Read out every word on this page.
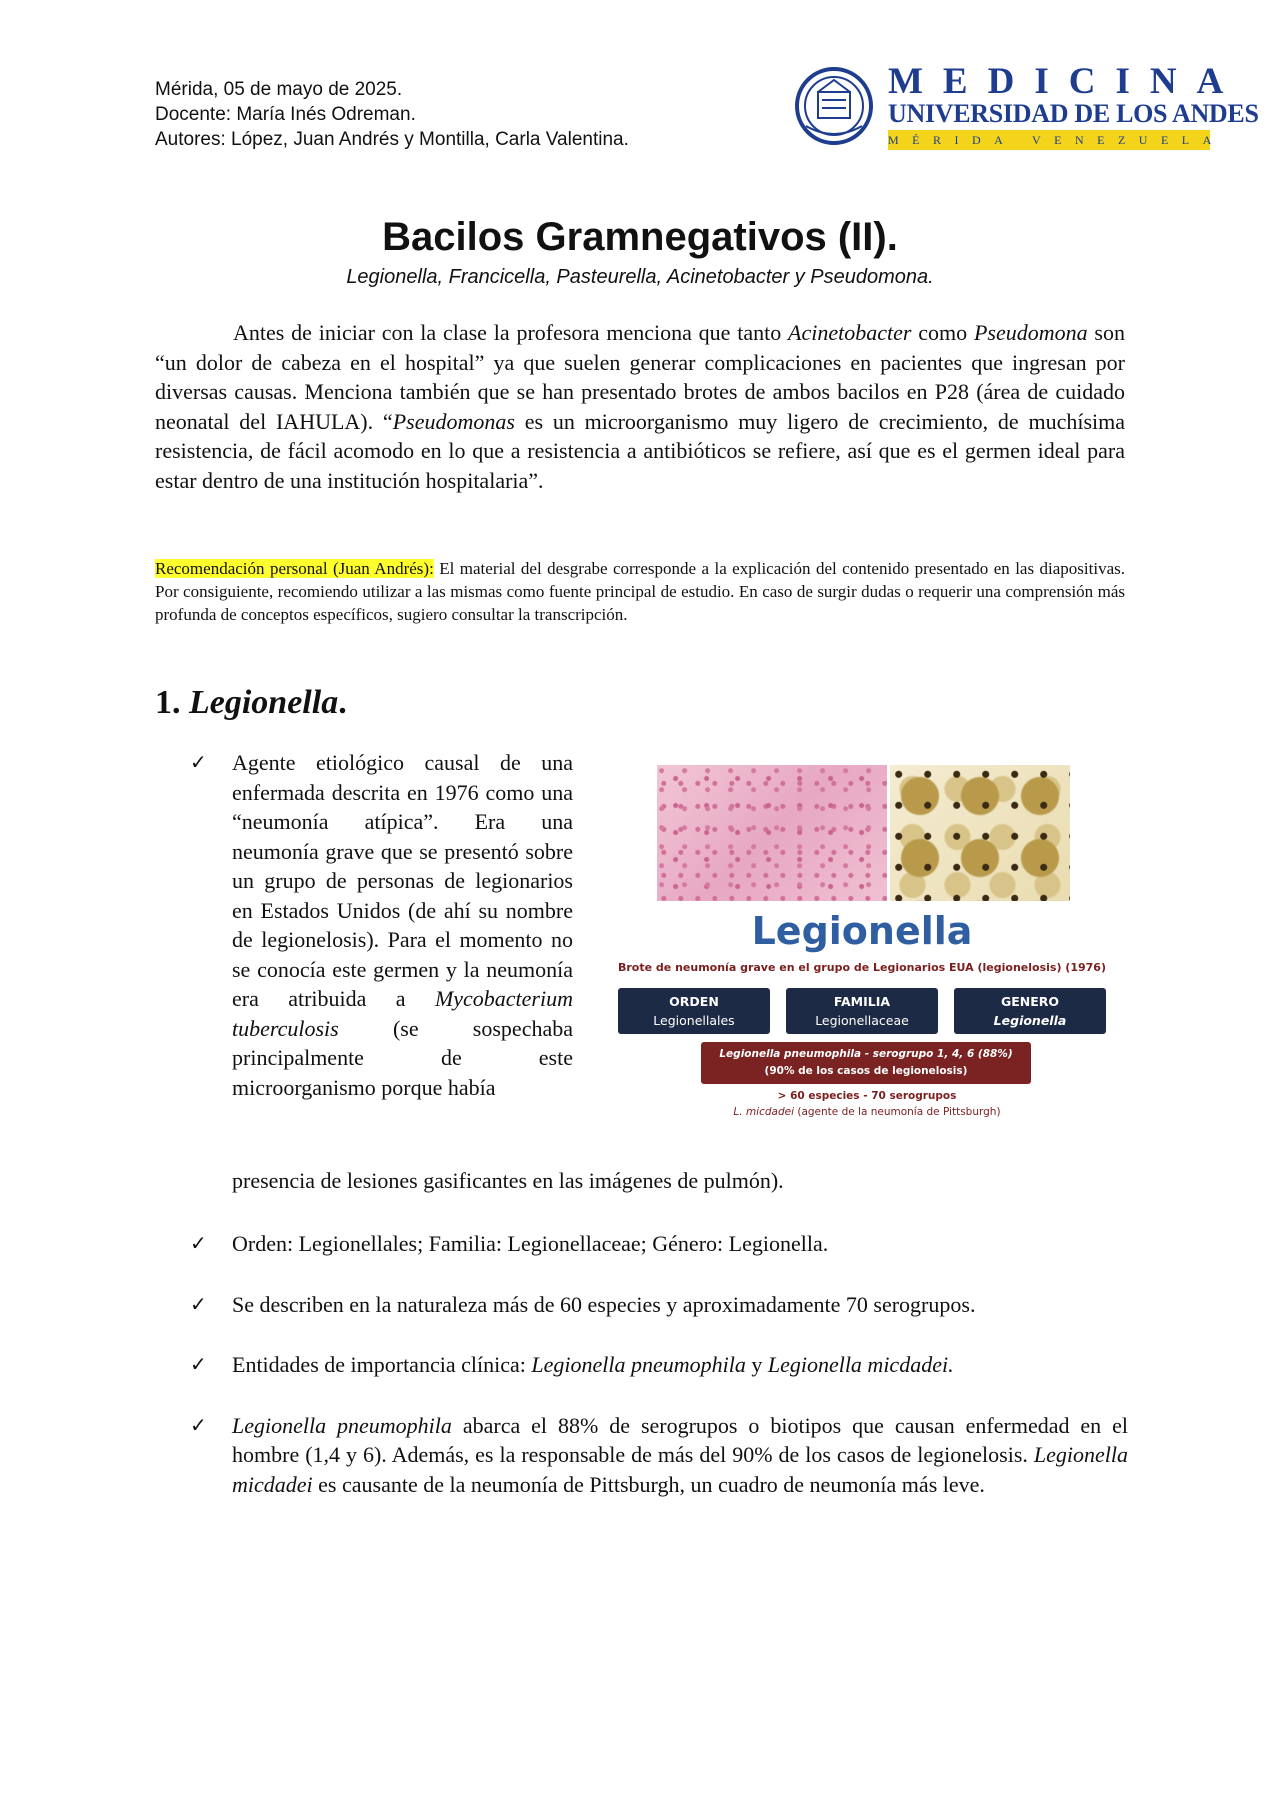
Mérida, 05 de mayo de 2025.
Docente: María Inés Odreman.
Autores: López, Juan Andrés y Montilla, Carla Valentina.
MEDICINA
UNIVERSIDAD DE LOS ANDES
MÉRIDA VENEZUELA
Bacilos Gramnegativos (II).
Legionella, Francicella, Pasteurella, Acinetobacter y Pseudomona.

Antes de iniciar con la clase la profesora menciona que tanto Acinetobacter como Pseudomona son “un dolor de cabeza en el hospital” ya que suelen generar complicaciones en pacientes que ingresan por diversas causas. Menciona también que se han presentado brotes de ambos bacilos en P28 (área de cuidado neonatal del IAHULA). “Pseudomonas es un microorganismo muy ligero de crecimiento, de muchísima resistencia, de fácil acomodo en lo que a resistencia a antibióticos se refiere, así que es el germen ideal para estar dentro de una institución hospitalaria”.

Recomendación personal (Juan Andrés): El material del desgrabe corresponde a la explicación del contenido presentado en las diapositivas. Por consiguiente, recomiendo utilizar a las mismas como fuente principal de estudio. En caso de surgir dudas o requerir una comprensión más profunda de conceptos específicos, sugiero consultar la transcripción.

1. Legionella.
✓ Agente etiológico causal de una enfermada descrita en 1976 como una “neumonía atípica”. Era una neumonía grave que se presentó sobre un grupo de personas de legionarios en Estados Unidos (de ahí su nombre de legionelosis). Para el momento no se conocía este germen y la neumonía era atribuida a Mycobacterium tuberculosis (se sospechaba principalmente de este microorganismo porque había
presencia de lesiones gasificantes en las imágenes de pulmón).
✓ Orden: Legionellales; Familia: Legionellaceae; Género: Legionella.
✓ Se describen en la naturaleza más de 60 especies y aproximadamente 70 serogrupos.
✓ Entidades de importancia clínica: Legionella pneumophila y Legionella micdadei.
✓ Legionella pneumophila abarca el 88% de serogrupos o biotipos que causan enfermedad en el hombre (1,4 y 6). Además, es la responsable de más del 90% de los casos de legionelosis. Legionella micdadei es causante de la neumonía de Pittsburgh, un cuadro de neumonía más leve.
Legionella
Brote de neumonía grave en el grupo de Legionarios EUA (legionelosis) (1976)
ORDEN
Legionellales
FAMILIA
Legionellaceae
GENERO
Legionella
Legionella pneumophila - serogrupo 1, 4, 6 (88%)
(90% de los casos de legionelosis)
> 60 especies - 70 serogrupos
L. micdadei (agente de la neumonía de Pittsburgh)
